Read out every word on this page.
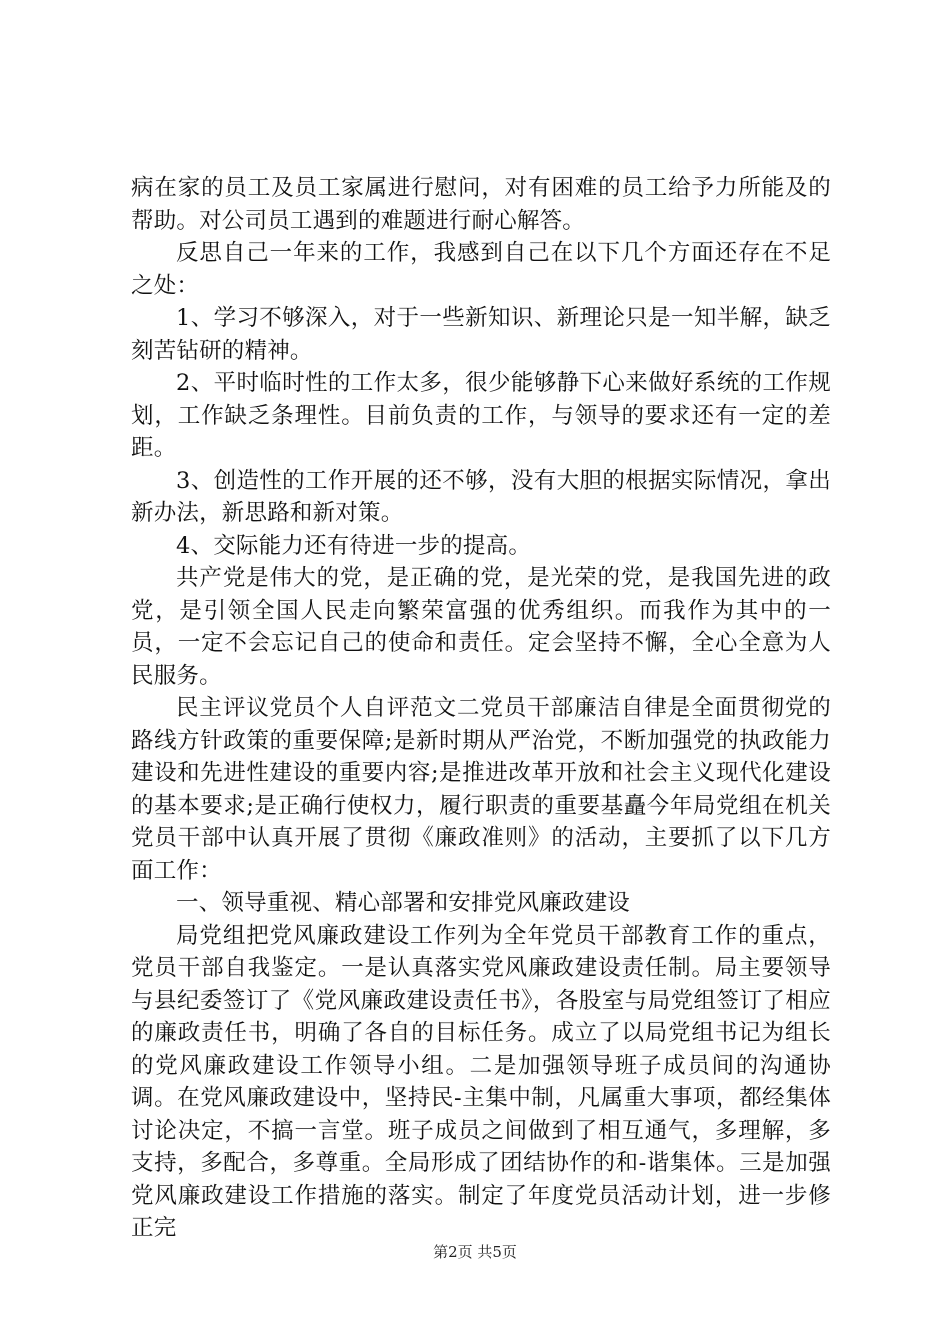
病在家的员工及员工家属进行慰问，对有困难的员工给予力所能及的帮助。对公司员工遇到的难题进行耐心解答。

反思自己一年来的工作，我感到自己在以下几个方面还存在不足之处：

1、学习不够深入，对于一些新知识、新理论只是一知半解，缺乏刻苦钻研的精神。

2、平时临时性的工作太多，很少能够静下心来做好系统的工作规划，工作缺乏条理性。目前负责的工作，与领导的要求还有一定的差距。

3、创造性的工作开展的还不够，没有大胆的根据实际情况，拿出新办法，新思路和新对策。

4、交际能力还有待进一步的提高。

共产党是伟大的党，是正确的党，是光荣的党，是我国先进的政党，是引领全国人民走向繁荣富强的优秀组织。而我作为其中的一员，一定不会忘记自己的使命和责任。定会坚持不懈，全心全意为人民服务。

民主评议党员个人自评范文二党员干部廉洁自律是全面贯彻党的路线方针政策的重要保障;是新时期从严治党，不断加强党的执政能力建设和先进性建设的重要内容;是推进改革开放和社会主义现代化建设的基本要求;是正确行使权力，履行职责的重要基矗今年局党组在机关党员干部中认真开展了贯彻《廉政准则》的活动，主要抓了以下几方面工作：

一、领导重视、精心部署和安排党风廉政建设

局党组把党风廉政建设工作列为全年党员干部教育工作的重点，党员干部自我鉴定。一是认真落实党风廉政建设责任制。局主要领导与县纪委签订了《党风廉政建设责任书》，各股室与局党组签订了相应的廉政责任书，明确了各自的目标任务。成立了以局党组书记为组长的党风廉政建设工作领导小组。二是加强领导班子成员间的沟通协调。在党风廉政建设中，坚持民-主集中制，凡属重大事项，都经集体讨论决定，不搞一言堂。班子成员之间做到了相互通气，多理解，多支持，多配合，多尊重。全局形成了团结协作的和-谐集体。三是加强党风廉政建设工作措施的落实。制定了年度党员活动计划，进一步修正完

第2页 共5页
